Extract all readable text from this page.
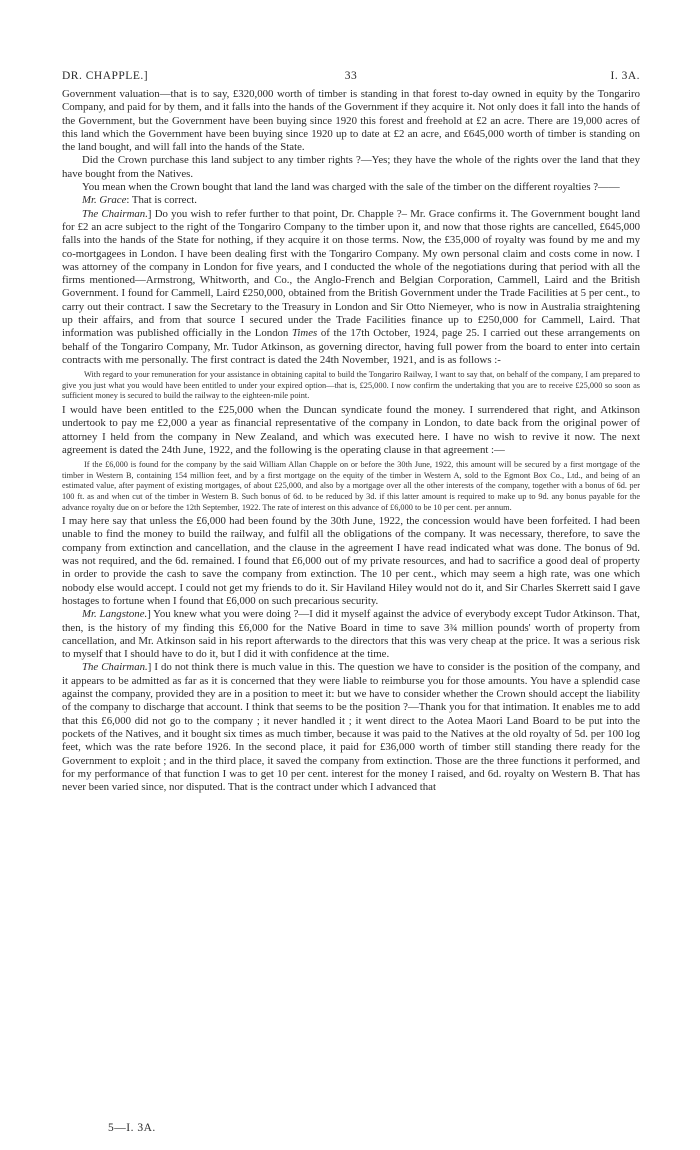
DR. CHAPPLE.]	33	I. 3A.

Government valuation—that is to say, £320,000 worth of timber is standing in that forest to-day owned in equity by the Tongariro Company, and paid for by them, and it falls into the hands of the Government if they acquire it. Not only does it fall into the hands of the Government, but the Government have been buying since 1920 this forest and freehold at £2 an acre. There are 19,000 acres of this land which the Government have been buying since 1920 up to date at £2 an acre, and £645,000 worth of timber is standing on the land bought, and will fall into the hands of the State.

Did the Crown purchase this land subject to any timber rights ?—Yes; they have the whole of the rights over the land that they have bought from the Natives.

You mean when the Crown bought that land the land was charged with the sale of the timber on the different royalties ?——

Mr. Grace: That is correct.

The Chairman.] Do you wish to refer further to that point, Dr. Chapple ?– Mr. Grace confirms it. The Government bought land for £2 an acre subject to the right of the Tongariro Company to the timber upon it, and now that those rights are cancelled, £645,000 falls into the hands of the State for nothing, if they acquire it on those terms. Now, the £35,000 of royalty was found by me and my co-mortgagees in London. I have been dealing first with the Tongariro Company. My own personal claim and costs come in now. I was attorney of the company in London for five years, and I conducted the whole of the negotiations during that period with all the firms mentioned—Armstrong, Whitworth, and Co., the Anglo-French and Belgian Corporation, Cammell, Laird and the British Government. I found for Cammell, Laird £250,000, obtained from the British Government under the Trade Facilities at 5 per cent., to carry out their contract. I saw the Secretary to the Treasury in London and Sir Otto Niemeyer, who is now in Australia straightening up their affairs, and from that source I secured under the Trade Facilities finance up to £250,000 for Cammell, Laird. That information was published officially in the London Times of the 17th October, 1924, page 25. I carried out these arrangements on behalf of the Tongariro Company, Mr. Tudor Atkinson, as governing director, having full power from the board to enter into certain contracts with me personally. The first contract is dated the 24th November, 1921, and is as follows :-

With regard to your remuneration for your assistance in obtaining capital to build the Tongariro Railway, I want to say that, on behalf of the company, I am prepared to give you just what you would have been entitled to under your expired option—that is, £25,000. I now confirm the undertaking that you are to receive £25,000 so soon as sufficient money is secured to build the railway to the eighteen-mile point.

I would have been entitled to the £25,000 when the Duncan syndicate found the money. I surrendered that right, and Atkinson undertook to pay me £2,000 a year as financial representative of the company in London, to date back from the original power of attorney I held from the company in New Zealand, and which was executed here. I have no wish to revive it now. The next agreement is dated the 24th June, 1922, and the following is the operating clause in that agreement :—

If the £6,000 is found for the company by the said William Allan Chapple on or before the 30th June, 1922, this amount will be secured by a first mortgage of the timber in Western B, containing 154 million feet, and by a first mortgage on the equity of the timber in Western A, sold to the Egmont Box Co., Ltd., and being of an estimated value, after payment of existing mortgages, of about £25,000, and also by a mortgage over all the other interests of the company, together with a bonus of 6d. per 100 ft. as and when cut of the timber in Western B. Such bonus of 6d. to be reduced by 3d. if this latter amount is required to make up to 9d. any bonus payable for the advance royalty due on or before the 12th September, 1922. The rate of interest on this advance of £6,000 to be 10 per cent. per annum.

I may here say that unless the £6,000 had been found by the 30th June, 1922, the concession would have been forfeited. I had been unable to find the money to build the railway, and fulfil all the obligations of the company. It was necessary, therefore, to save the company from extinction and cancellation, and the clause in the agreement I have read indicated what was done. The bonus of 9d. was not required, and the 6d. remained. I found that £6,000 out of my private resources, and had to sacrifice a good deal of property in order to provide the cash to save the company from extinction. The 10 per cent., which may seem a high rate, was one which nobody else would accept. I could not get my friends to do it. Sir Haviland Hiley would not do it, and Sir Charles Skerrett said I gave hostages to fortune when I found that £6,000 on such precarious security.

Mr. Langstone.] You knew what you were doing ?—I did it myself against the advice of everybody except Tudor Atkinson. That, then, is the history of my finding this £6,000 for the Native Board in time to save 3¾ million pounds' worth of property from cancellation, and Mr. Atkinson said in his report afterwards to the directors that this was very cheap at the price. It was a serious risk to myself that I should have to do it, but I did it with confidence at the time.

The Chairman.] I do not think there is much value in this. The question we have to consider is the position of the company, and it appears to be admitted as far as it is concerned that they were liable to reimburse you for those amounts. You have a splendid case against the company, provided they are in a position to meet it: but we have to consider whether the Crown should accept the liability of the company to discharge that account. I think that seems to be the position ?—Thank you for that intimation. It enables me to add that this £6,000 did not go to the company ; it never handled it ; it went direct to the Aotea Maori Land Board to be put into the pockets of the Natives, and it bought six times as much timber, because it was paid to the Natives at the old royalty of 5d. per 100 log feet, which was the rate before 1926. In the second place, it paid for £36,000 worth of timber still standing there ready for the Government to exploit ; and in the third place, it saved the company from extinction. Those are the three functions it performed, and for my performance of that function I was to get 10 per cent. interest for the money I raised, and 6d. royalty on Western B. That has never been varied since, nor disputed. That is the contract under which I advanced that

5—I. 3A.
